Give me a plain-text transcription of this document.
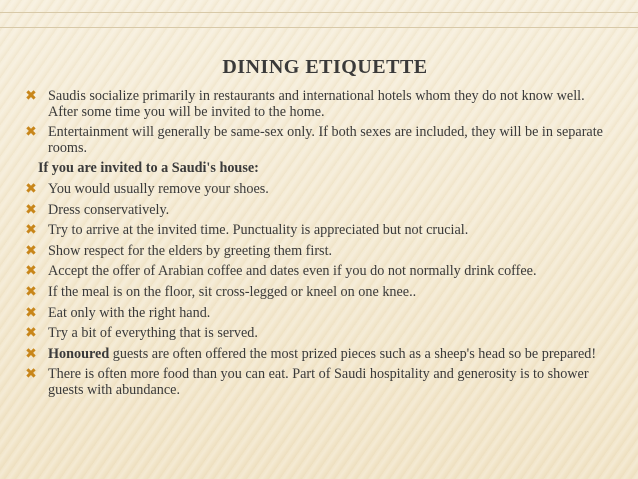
DINING ETIQUETTE
✖ Saudis socialize primarily in restaurants and international hotels whom they do not know well. After some time you will be invited to the home.
✖ Entertainment will generally be same-sex only. If both sexes are included, they will be in separate rooms.
If you are invited to a Saudi's house:
✖ You would usually remove your shoes.
✖ Dress conservatively.
✖ Try to arrive at the invited time. Punctuality is appreciated but not crucial.
✖ Show respect for the elders by greeting them first.
✖ Accept the offer of Arabian coffee and dates even if you do not normally drink coffee.
✖ If the meal is on the floor, sit cross-legged or kneel on one knee..
✖ Eat only with the right hand.
✖ Try a bit of everything that is served.
✖ Honoured guests are often offered the most prized pieces such as a sheep's head so be prepared!
✖ There is often more food than you can eat. Part of Saudi hospitality and generosity is to shower guests with abundance.
